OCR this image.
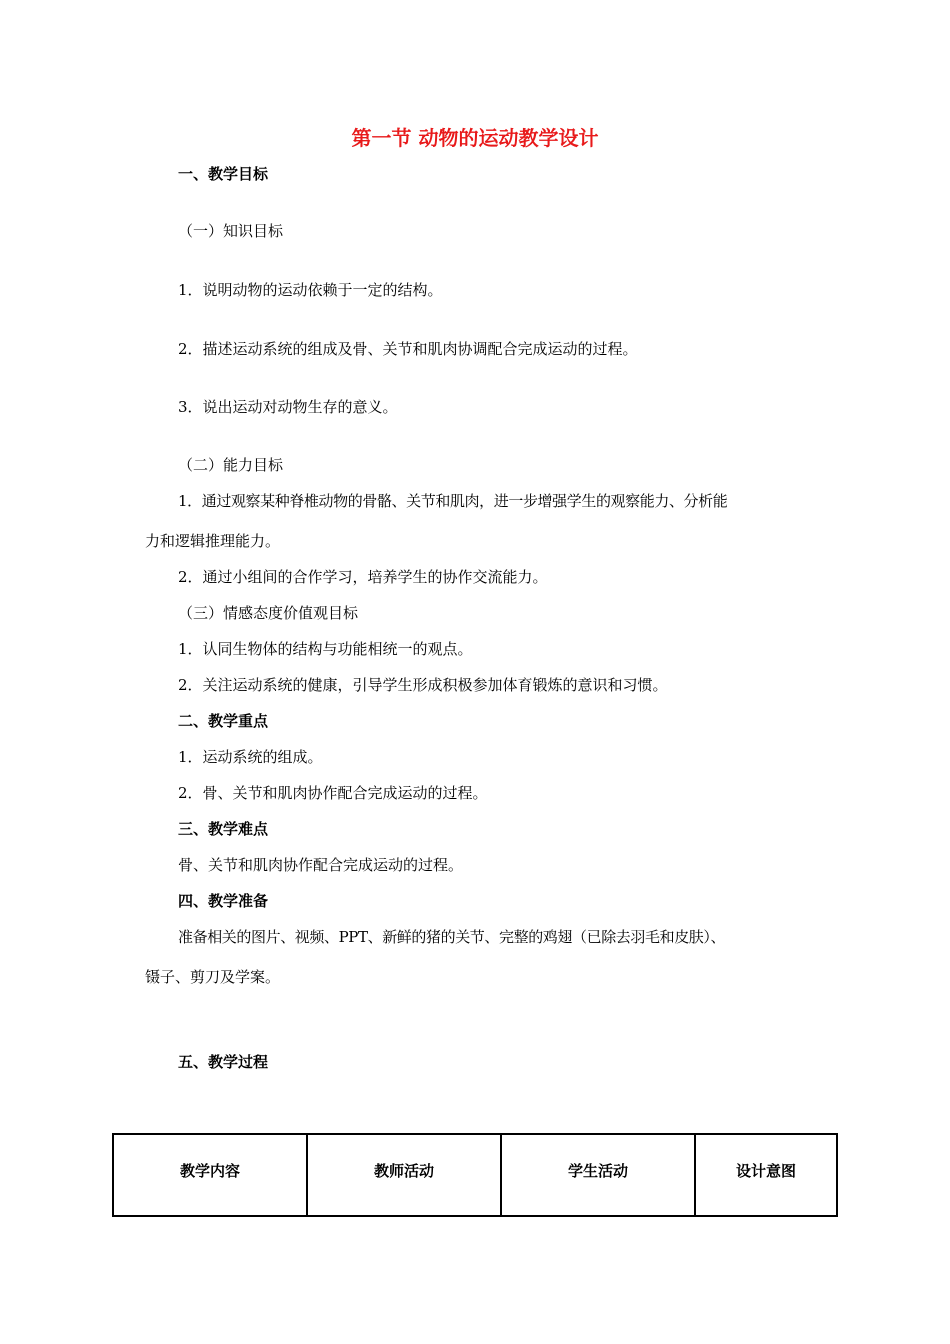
第一节 动物的运动教学设计
一、教学目标
（一）知识目标
1．说明动物的运动依赖于一定的结构。
2．描述运动系统的组成及骨、关节和肌肉协调配合完成运动的过程。
3．说出运动对动物生存的意义。
（二）能力目标
1．通过观察某种脊椎动物的骨骼、关节和肌肉，进一步增强学生的观察能力、分析能
力和逻辑推理能力。
2．通过小组间的合作学习，培养学生的协作交流能力。
（三）情感态度价值观目标
1．认同生物体的结构与功能相统一的观点。
2．关注运动系统的健康，引导学生形成积极参加体育锻炼的意识和习惯。
二、教学重点
1．运动系统的组成。
2．骨、关节和肌肉协作配合完成运动的过程。
三、教学难点
骨、关节和肌肉协作配合完成运动的过程。
四、教学准备
准备相关的图片、视频、PPT、新鲜的猪的关节、完整的鸡翅（已除去羽毛和皮肤）、
镊子、剪刀及学案。
五、教学过程
教学内容	教师活动	学生活动	设计意图
